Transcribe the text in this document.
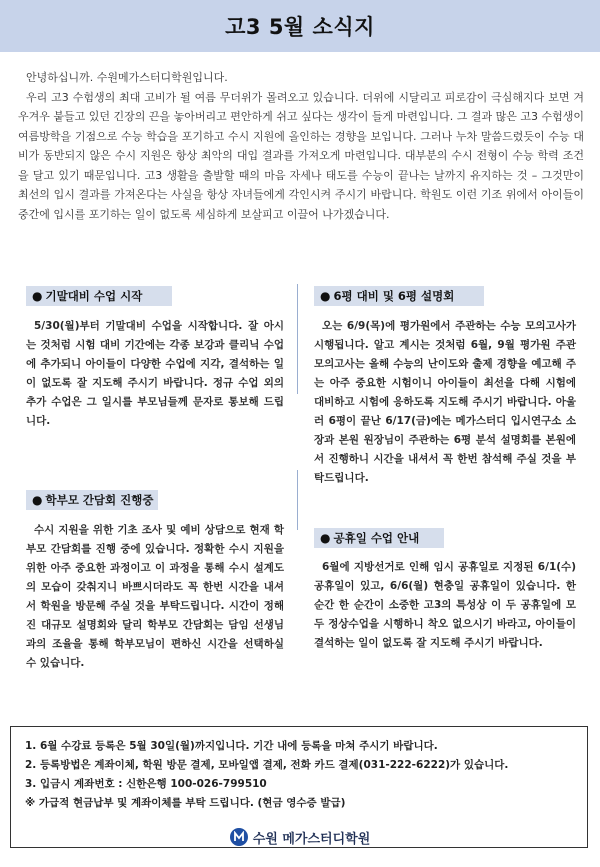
고3 5월 소식지

안녕하십니까. 수원메가스터디학원입니다.

우리 고3 수험생의 최대 고비가 될 여름 무더위가 몰려오고 있습니다. 더위에 시달리고 피로감이 극심해지다 보면 겨우겨우 붙들고 있던 긴장의 끈을 놓아버리고 편안하게 쉬고 싶다는 생각이 들게 마련입니다. 그 결과 많은 고3 수험생이 여름방학을 기점으로 수능 학습을 포기하고 수시 지원에 올인하는 경향을 보입니다. 그러나 누차 말씀드렸듯이 수능 대비가 동반되지 않은 수시 지원은 항상 최악의 대입 결과를 가져오게 마련입니다. 대부분의 수시 전형이 수능 학력 조건을 달고 있기 때문입니다. 고3 생활을 출발할 때의 마음 자세나 태도를 수능이 끝나는 날까지 유지하는 것 – 그것만이 최선의 입시 결과를 가져온다는 사실을 항상 자녀들에게 각인시켜 주시기 바랍니다. 학원도 이런 기조 위에서 아이들이 중간에 입시를 포기하는 일이 없도록 세심하게 보살피고 이끌어 나가겠습니다.

● 기말대비 수업 시작

5/30(월)부터 기말대비 수업을 시작합니다. 잘 아시는 것처럼 시험 대비 기간에는 각종 보강과 클리닉 수업에 추가되니 아이들이 다양한 수업에 지각, 결석하는 일이 없도록 잘 지도해 주시기 바랍니다. 정규 수업 외의 추가 수업은 그 일시를 부모님들께 문자로 통보해 드립니다.

● 학부모 간담회 진행중

수시 지원을 위한 기초 조사 및 예비 상담으로 현재 학부모 간담회를 진행 중에 있습니다. 정확한 수시 지원을 위한 아주 중요한 과정이고 이 과정을 통해 수시 설계도의 모습이 갖춰지니 바쁘시더라도 꼭 한번 시간을 내셔서 학원을 방문해 주실 것을 부탁드립니다. 시간이 정해진 대규모 설명회와 달리 학부모 간담회는 담임 선생님과의 조율을 통해 학부모님이 편하신 시간을 선택하실 수 있습니다.

● 6평 대비 및 6평 설명회

오는 6/9(목)에 평가원에서 주관하는 수능 모의고사가 시행됩니다. 알고 계시는 것처럼 6월, 9월 평가원 주관 모의고사는 올해 수능의 난이도와 출제 경향을 예고해 주는 아주 중요한 시험이니 아이들이 최선을 다해 시험에 대비하고 시험에 응하도록 지도해 주시기 바랍니다. 아울러 6평이 끝난 6/17(금)에는 메가스터디 입시연구소 소장과 본원 원장님이 주관하는 6평 분석 설명회를 본원에서 진행하니 시간을 내셔서 꼭 한번 참석해 주실 것을 부탁드립니다.

● 공휴일 수업 안내

6월에 지방선거로 인해 임시 공휴일로 지정된 6/1(수) 공휴일이 있고, 6/6(월) 현충일 공휴일이 있습니다. 한 순간 한 순간이 소중한 고3의 특성상 이 두 공휴일에 모두 정상수업을 시행하니 착오 없으시기 바라고, 아이들이 결석하는 일이 없도록 잘 지도해 주시기 바랍니다.

1. 6월 수강료 등록은 5월 30일(월)까지입니다. 기간 내에 등록을 마쳐 주시기 바랍니다.

2. 등록방법은 계좌이체, 학원 방문 결제, 모바일앱 결제, 전화 카드 결제(031-222-6222)가 있습니다.

3. 입금시 계좌번호 : 신한은행 100-026-799510

※ 가급적 현금납부 및 계좌이체를 부탁 드립니다. (현금 영수증 발급)

수원 메가스터디학원
